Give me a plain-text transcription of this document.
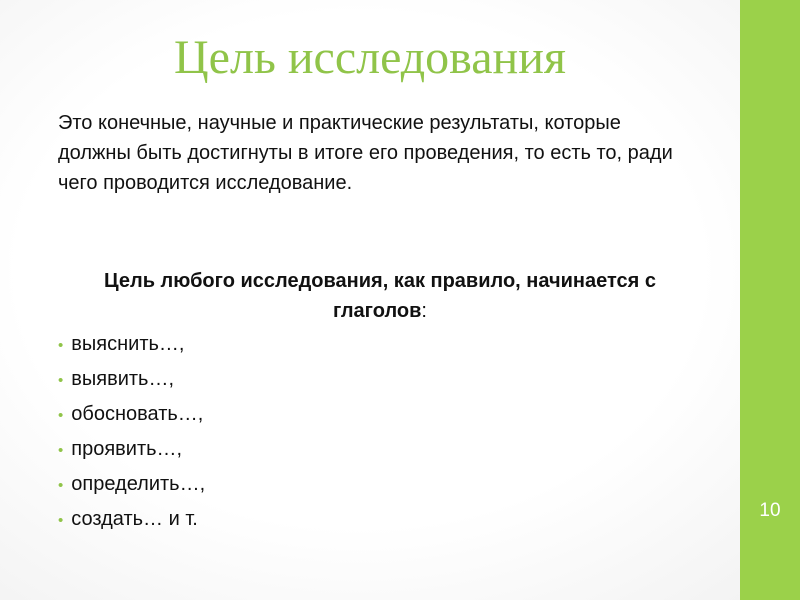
Цель исследования

Это конечные, научные и практические результаты, которые должны быть достигнуты в итоге его проведения, то есть то, ради чего проводится исследование.

Цель любого исследования, как правило, начинается с глаголов:
• выяснить…,
• выявить…,
• обосновать…,
• проявить…,
• определить…,
• создать… и т.	10
